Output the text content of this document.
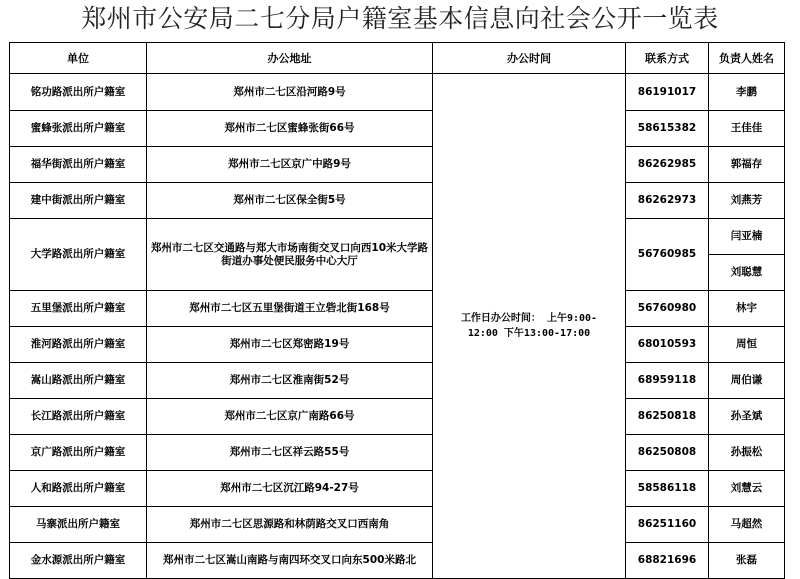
郑州市公安局二七分局户籍室基本信息向社会公开一览表
单位	办公地址	办公时间	联系方式	负责人姓名
铭功路派出所户籍室	郑州市二七区沿河路9号	工作日办公时间： 上午9:00-12:00 下午13:00-17:00	86191017	李鹏
蜜蜂张派出所户籍室	郑州市二七区蜜蜂张街66号		58615382	王佳佳
福华街派出所户籍室	郑州市二七区京广中路9号		86262985	郭福存
建中街派出所户籍室	郑州市二七区保全街5号		86262973	刘燕芳
大学路派出所户籍室	郑州市二七区交通路与郑大市场南街交叉口向西10米大学路街道办事处便民服务中心大厅		56760985	闫亚楠
				刘聪慧
五里堡派出所户籍室	郑州市二七区五里堡街道王立砦北街168号		56760980	林宇
淮河路派出所户籍室	郑州市二七区郑密路19号		68010593	周恒
嵩山路派出所户籍室	郑州市二七区淮南街52号		68959118	周伯谦
长江路派出所户籍室	郑州市二七区京广南路66号		86250818	孙圣斌
京广路派出所户籍室	郑州市二七区祥云路55号		86250808	孙振松
人和路派出所户籍室	郑州市二七区沉江路94-27号		58586118	刘慧云
马寨派出所户籍室	郑州市二七区思源路和林荫路交叉口西南角		86251160	马超然
金水源派出所户籍室	郑州市二七区嵩山南路与南四环交叉口向东500米路北		68821696	张磊
